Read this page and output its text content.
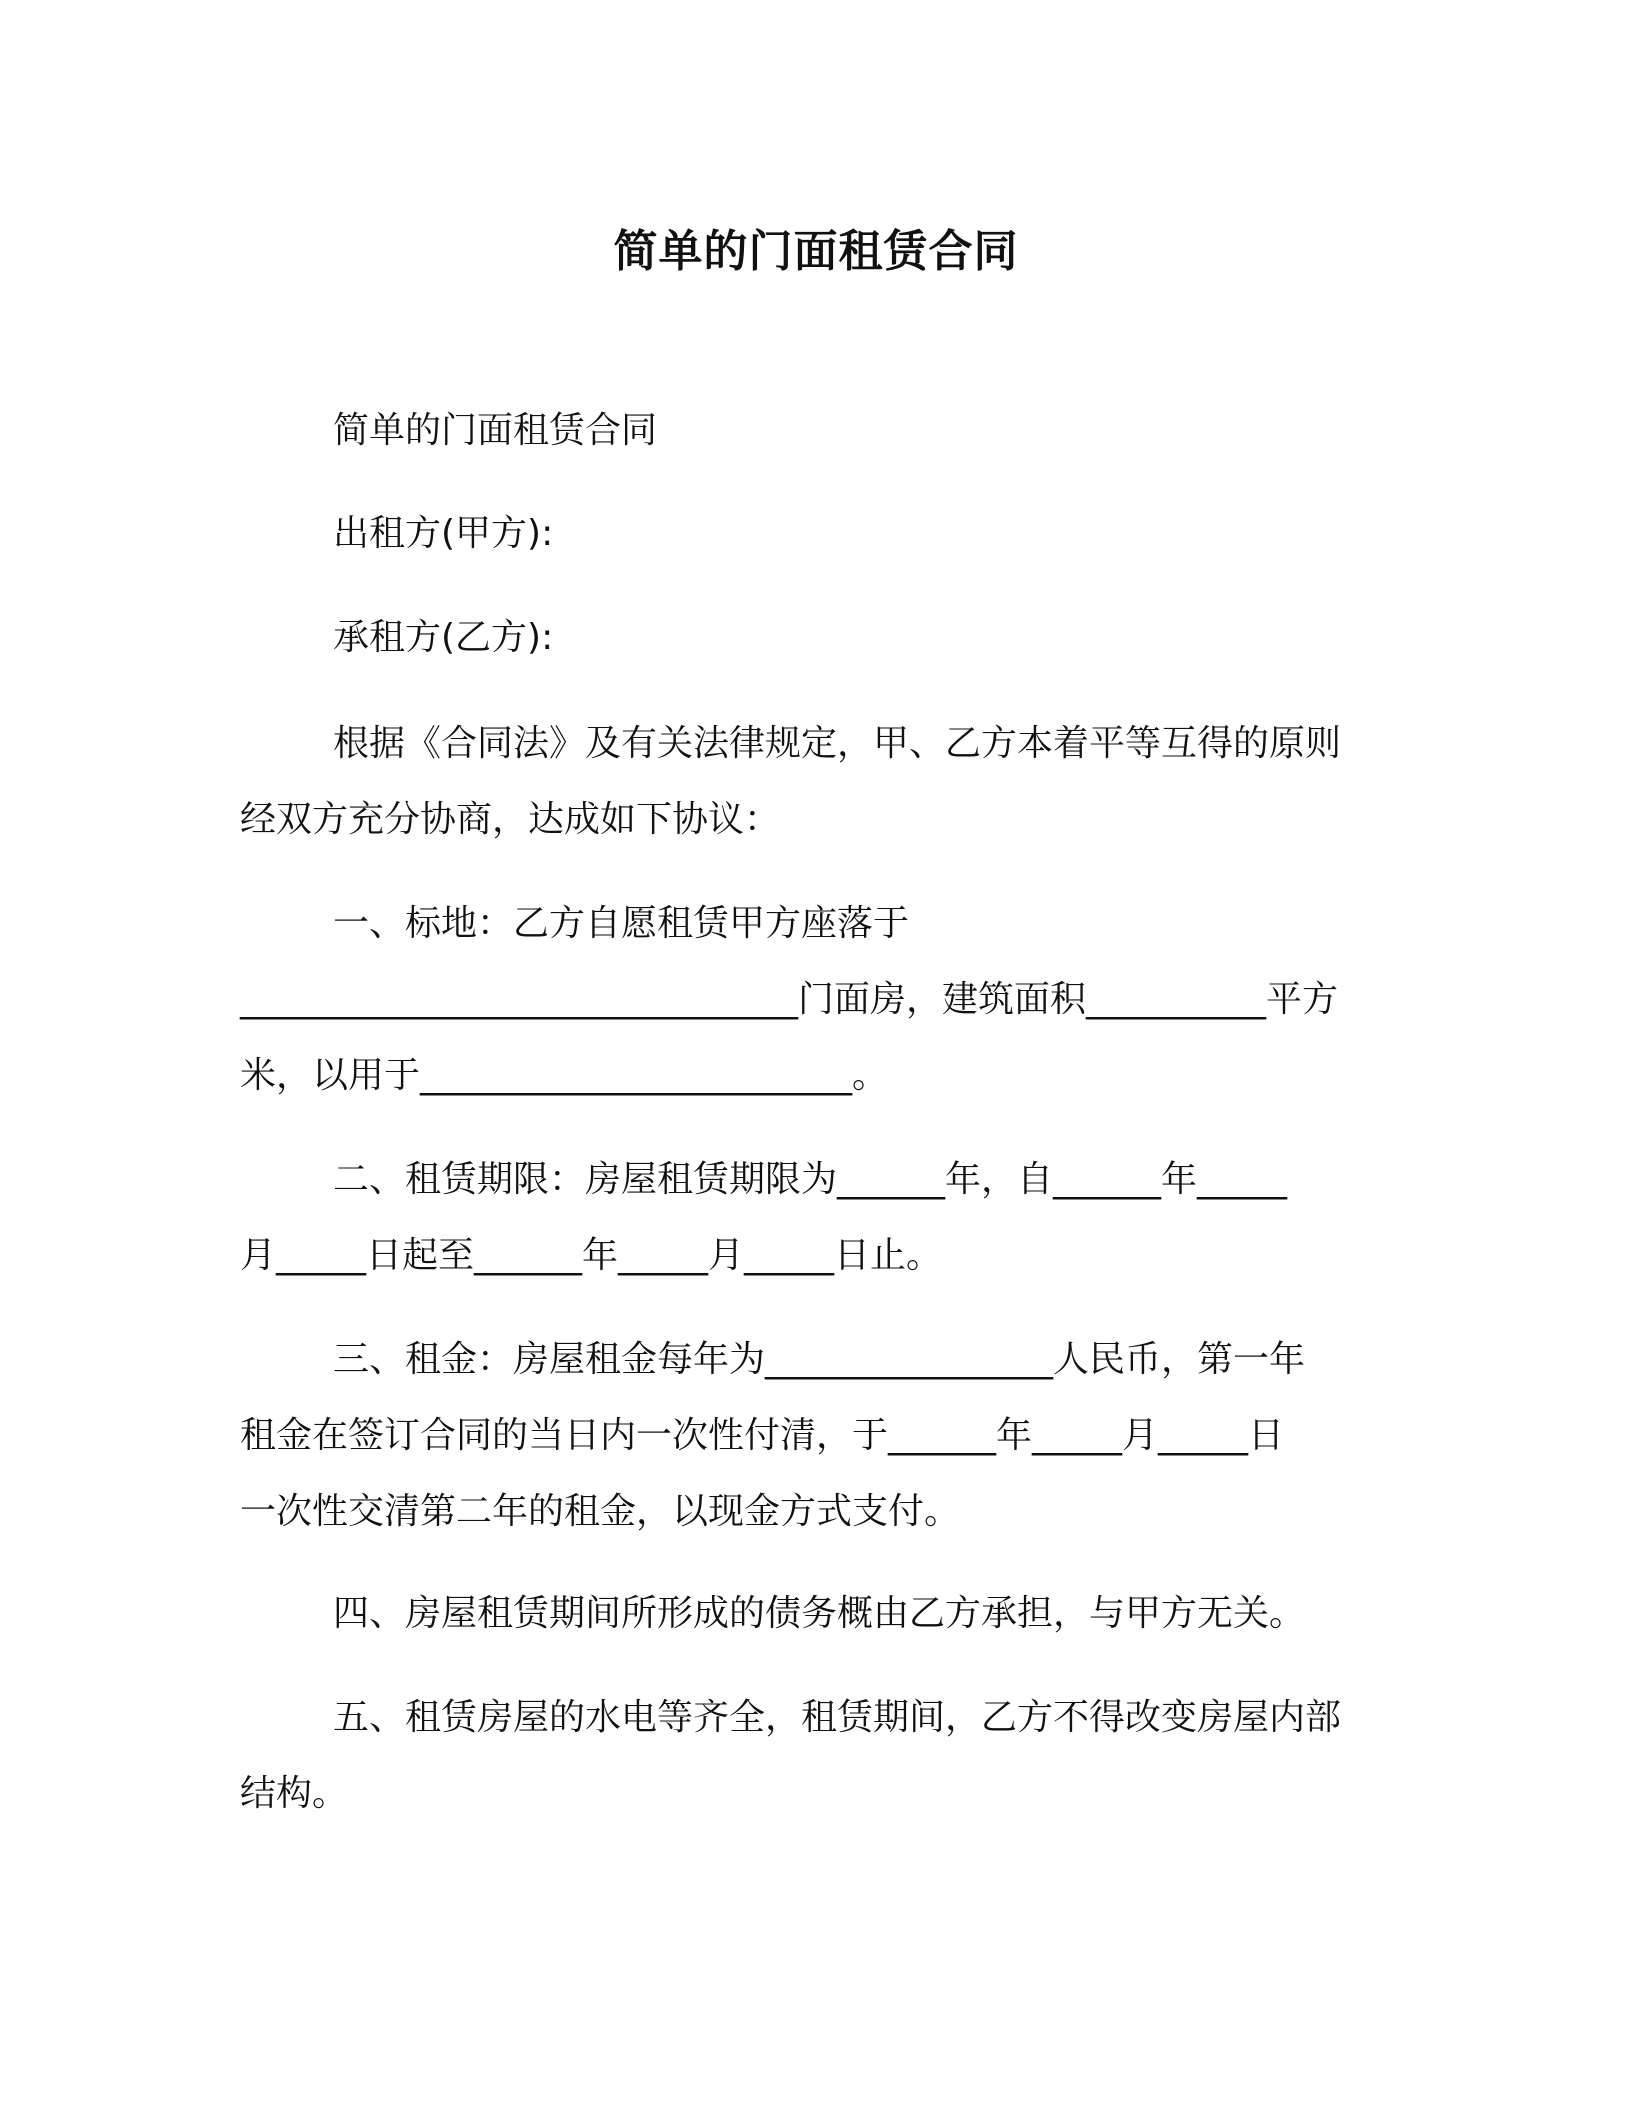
简单的门面租赁合同

简单的门面租赁合同

出租方(甲方):

承租方(乙方):

根据《合同法》及有关法律规定，甲、乙方本着平等互得的原则

经双方充分协商，达成如下协议：

一、标地：乙方自愿租赁甲方座落于

_______________________________门面房，建筑面积__________平方

米，以用于________________________。

二、租赁期限：房屋租赁期限为______年，自______年_____

月_____日起至______年_____月_____日止。

三、租金：房屋租金每年为________________人民币，第一年

租金在签订合同的当日内一次性付清，于______年_____月_____日

一次性交清第二年的租金，以现金方式支付。

四、房屋租赁期间所形成的债务概由乙方承担，与甲方无关。

五、租赁房屋的水电等齐全，租赁期间，乙方不得改变房屋内部

结构。
